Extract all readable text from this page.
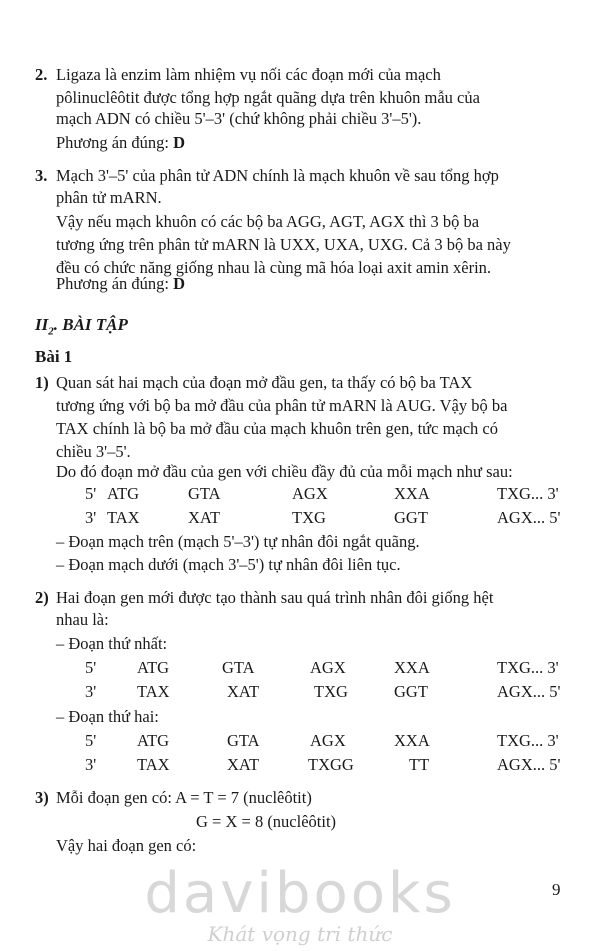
2. Ligaza là enzim làm nhiệm vụ nối các đoạn mới của mạch
pôlinuclêôtit được tổng hợp ngắt quãng dựa trên khuôn mẫu của
mạch ADN có chiều 5'–3' (chứ không phải chiều 3'–5').
Phương án đúng: D
3. Mạch 3'–5' của phân tử ADN chính là mạch khuôn về sau tổng hợp
phân tử mARN.
Vậy nếu mạch khuôn có các bộ ba AGG, AGT, AGX thì 3 bộ ba
tương ứng trên phân tử mARN là UXX, UXA, UXG. Cả 3 bộ ba này
đều có chức năng giống nhau là cùng mã hóa loại axit amin xêrin.
Phương án đúng: D
$II_2$. BÀI TẬP
Bài 1
1) Quan sát hai mạch của đoạn mở đầu gen, ta thấy có bộ ba TAX
tương ứng với bộ ba mở đầu của phân tử mARN là AUG. Vậy bộ ba
TAX chính là bộ ba mở đầu của mạch khuôn trên gen, tức mạch có
chiều 3'–5'.
Do đó đoạn mở đầu của gen với chiều đầy đủ của mỗi mạch như sau:
5' ATG	GTA	AGX	XXA	TXG... 3'
3' TAX	XAT	TXG	GGT	AGX... 5'
– Đoạn mạch trên (mạch 5'–3') tự nhân đôi ngắt quãng.
– Đoạn mạch dưới (mạch 3'–5') tự nhân đôi liên tục.
2) Hai đoạn gen mới được tạo thành sau quá trình nhân đôi giống hệt
nhau là:
– Đoạn thứ nhất:
5' ATG	GTA	AGX	XXA	TXG... 3'
3' TAX	XAT	TXG	GGT	AGX... 5'
– Đoạn thứ hai:
5' ATG	GTA	AGX	XXA	TXG... 3'
3' TAX	XAT	TXGG	TT	AGX... 5'
3) Mỗi đoạn gen có: A = T = 7 (nuclêôtit)
G = X = 8 (nuclêôtit)
Vậy hai đoạn gen có:
9
davibooks
Khát vọng tri thức
